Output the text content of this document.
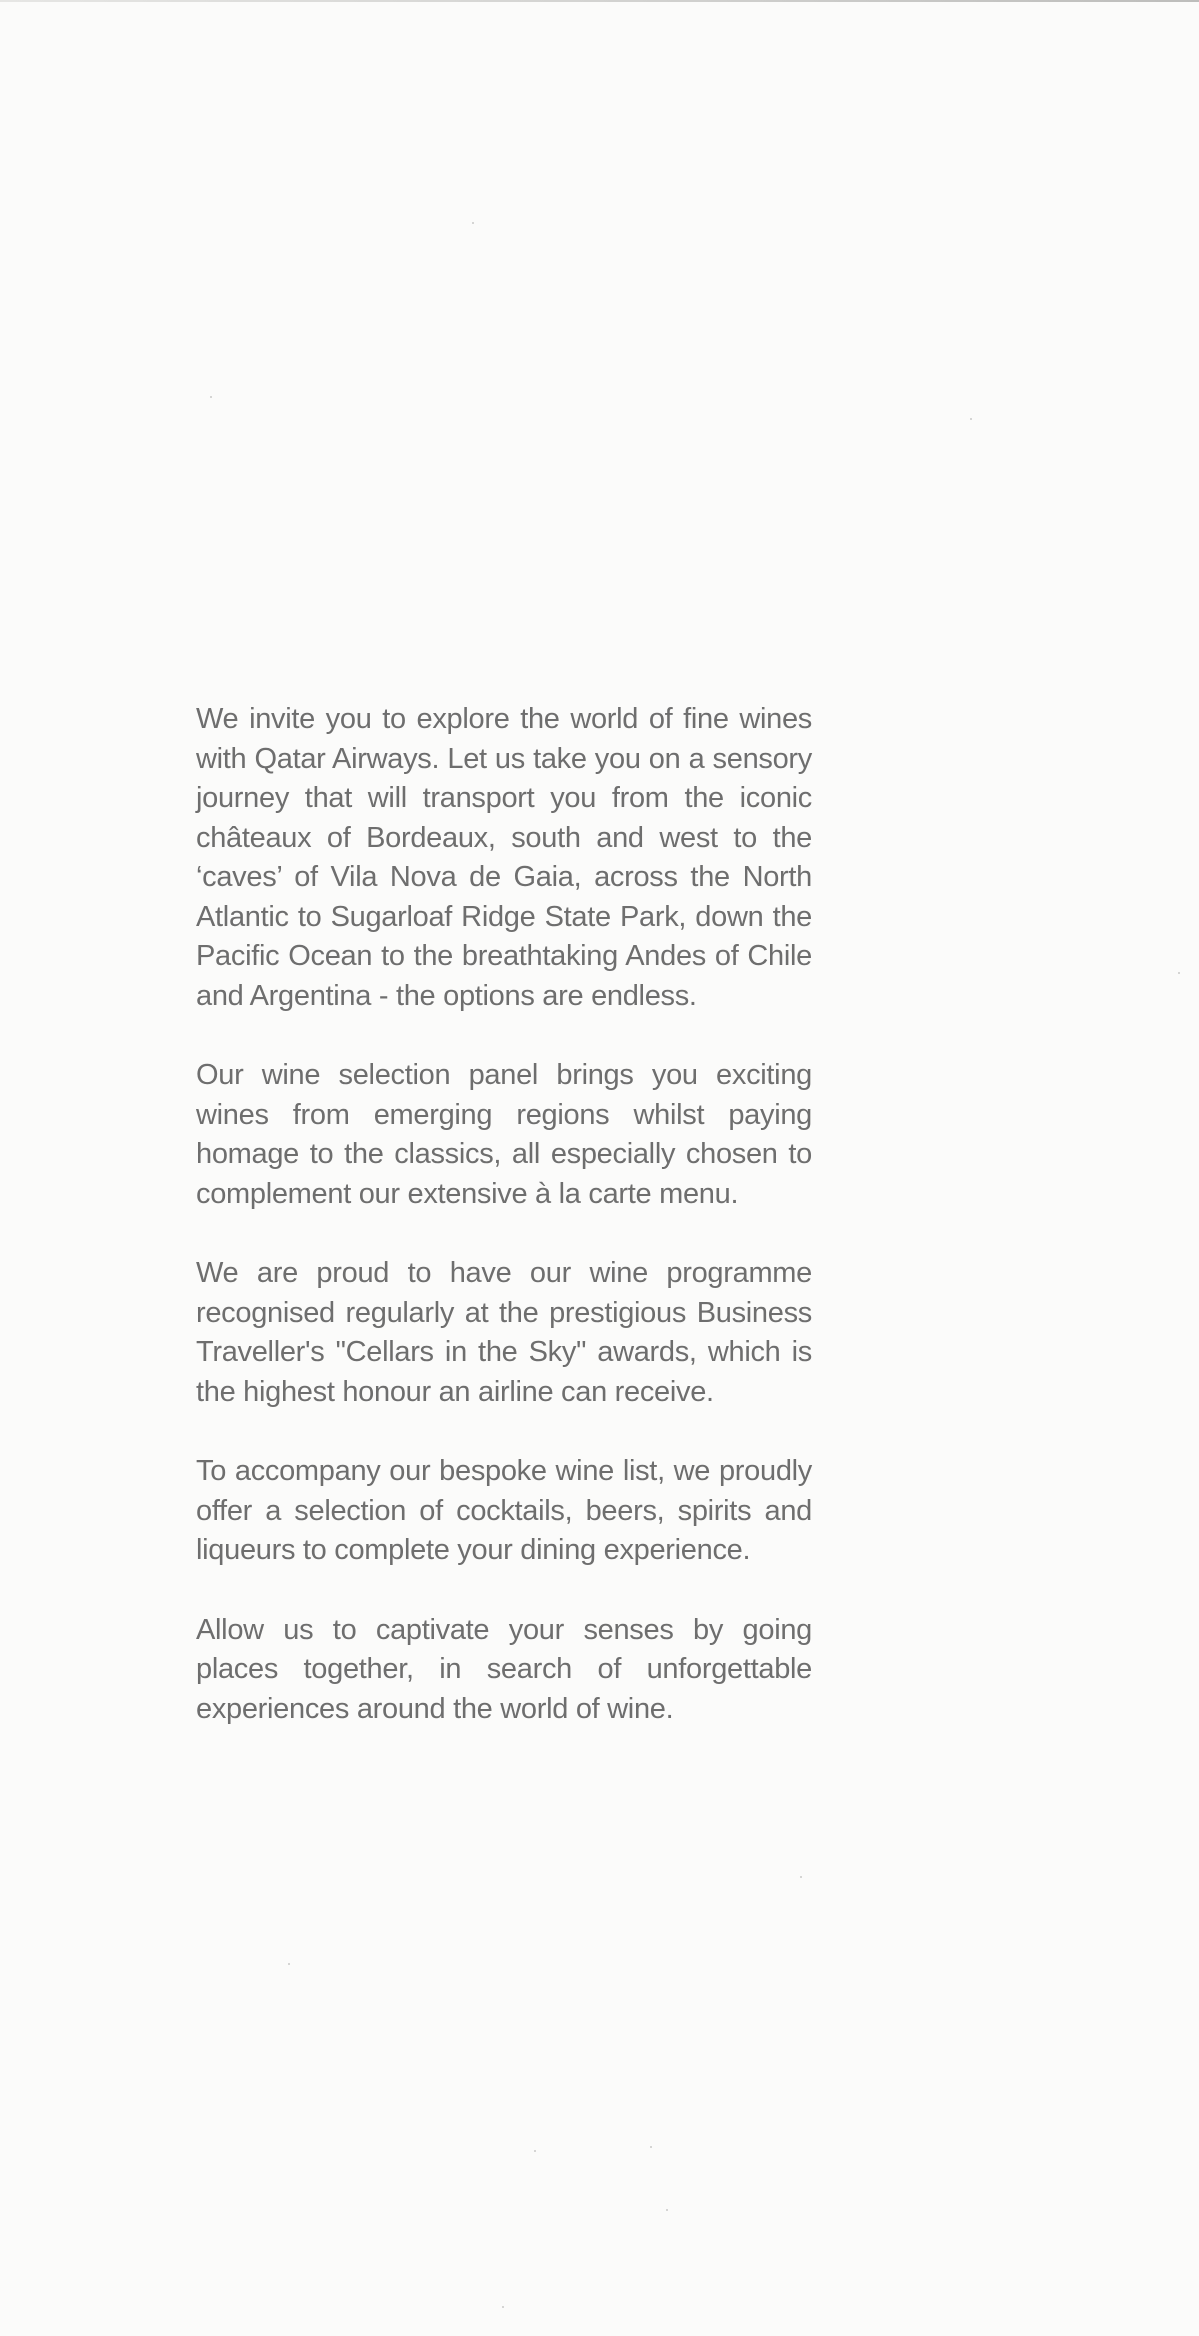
We invite you to explore the world of fine wines with Qatar Airways. Let us take you on a sensory journey that will transport you from the iconic châteaux of Bordeaux, south and west to the ‘caves’ of Vila Nova de Gaia, across the North Atlantic to Sugarloaf Ridge State Park, down the Pacific Ocean to the breathtaking Andes of Chile and Argentina - the options are endless.

Our wine selection panel brings you exciting wines from emerging regions whilst paying homage to the classics, all especially chosen to complement our extensive à la carte menu.

We are proud to have our wine programme recognised regularly at the prestigious Business Traveller's "Cellars in the Sky" awards, which is the highest honour an airline can receive.

To accompany our bespoke wine list, we proudly offer a selection of cocktails, beers, spirits and liqueurs to complete your dining experience.

Allow us to captivate your senses by going places together, in search of unforgettable experiences around the world of wine.
